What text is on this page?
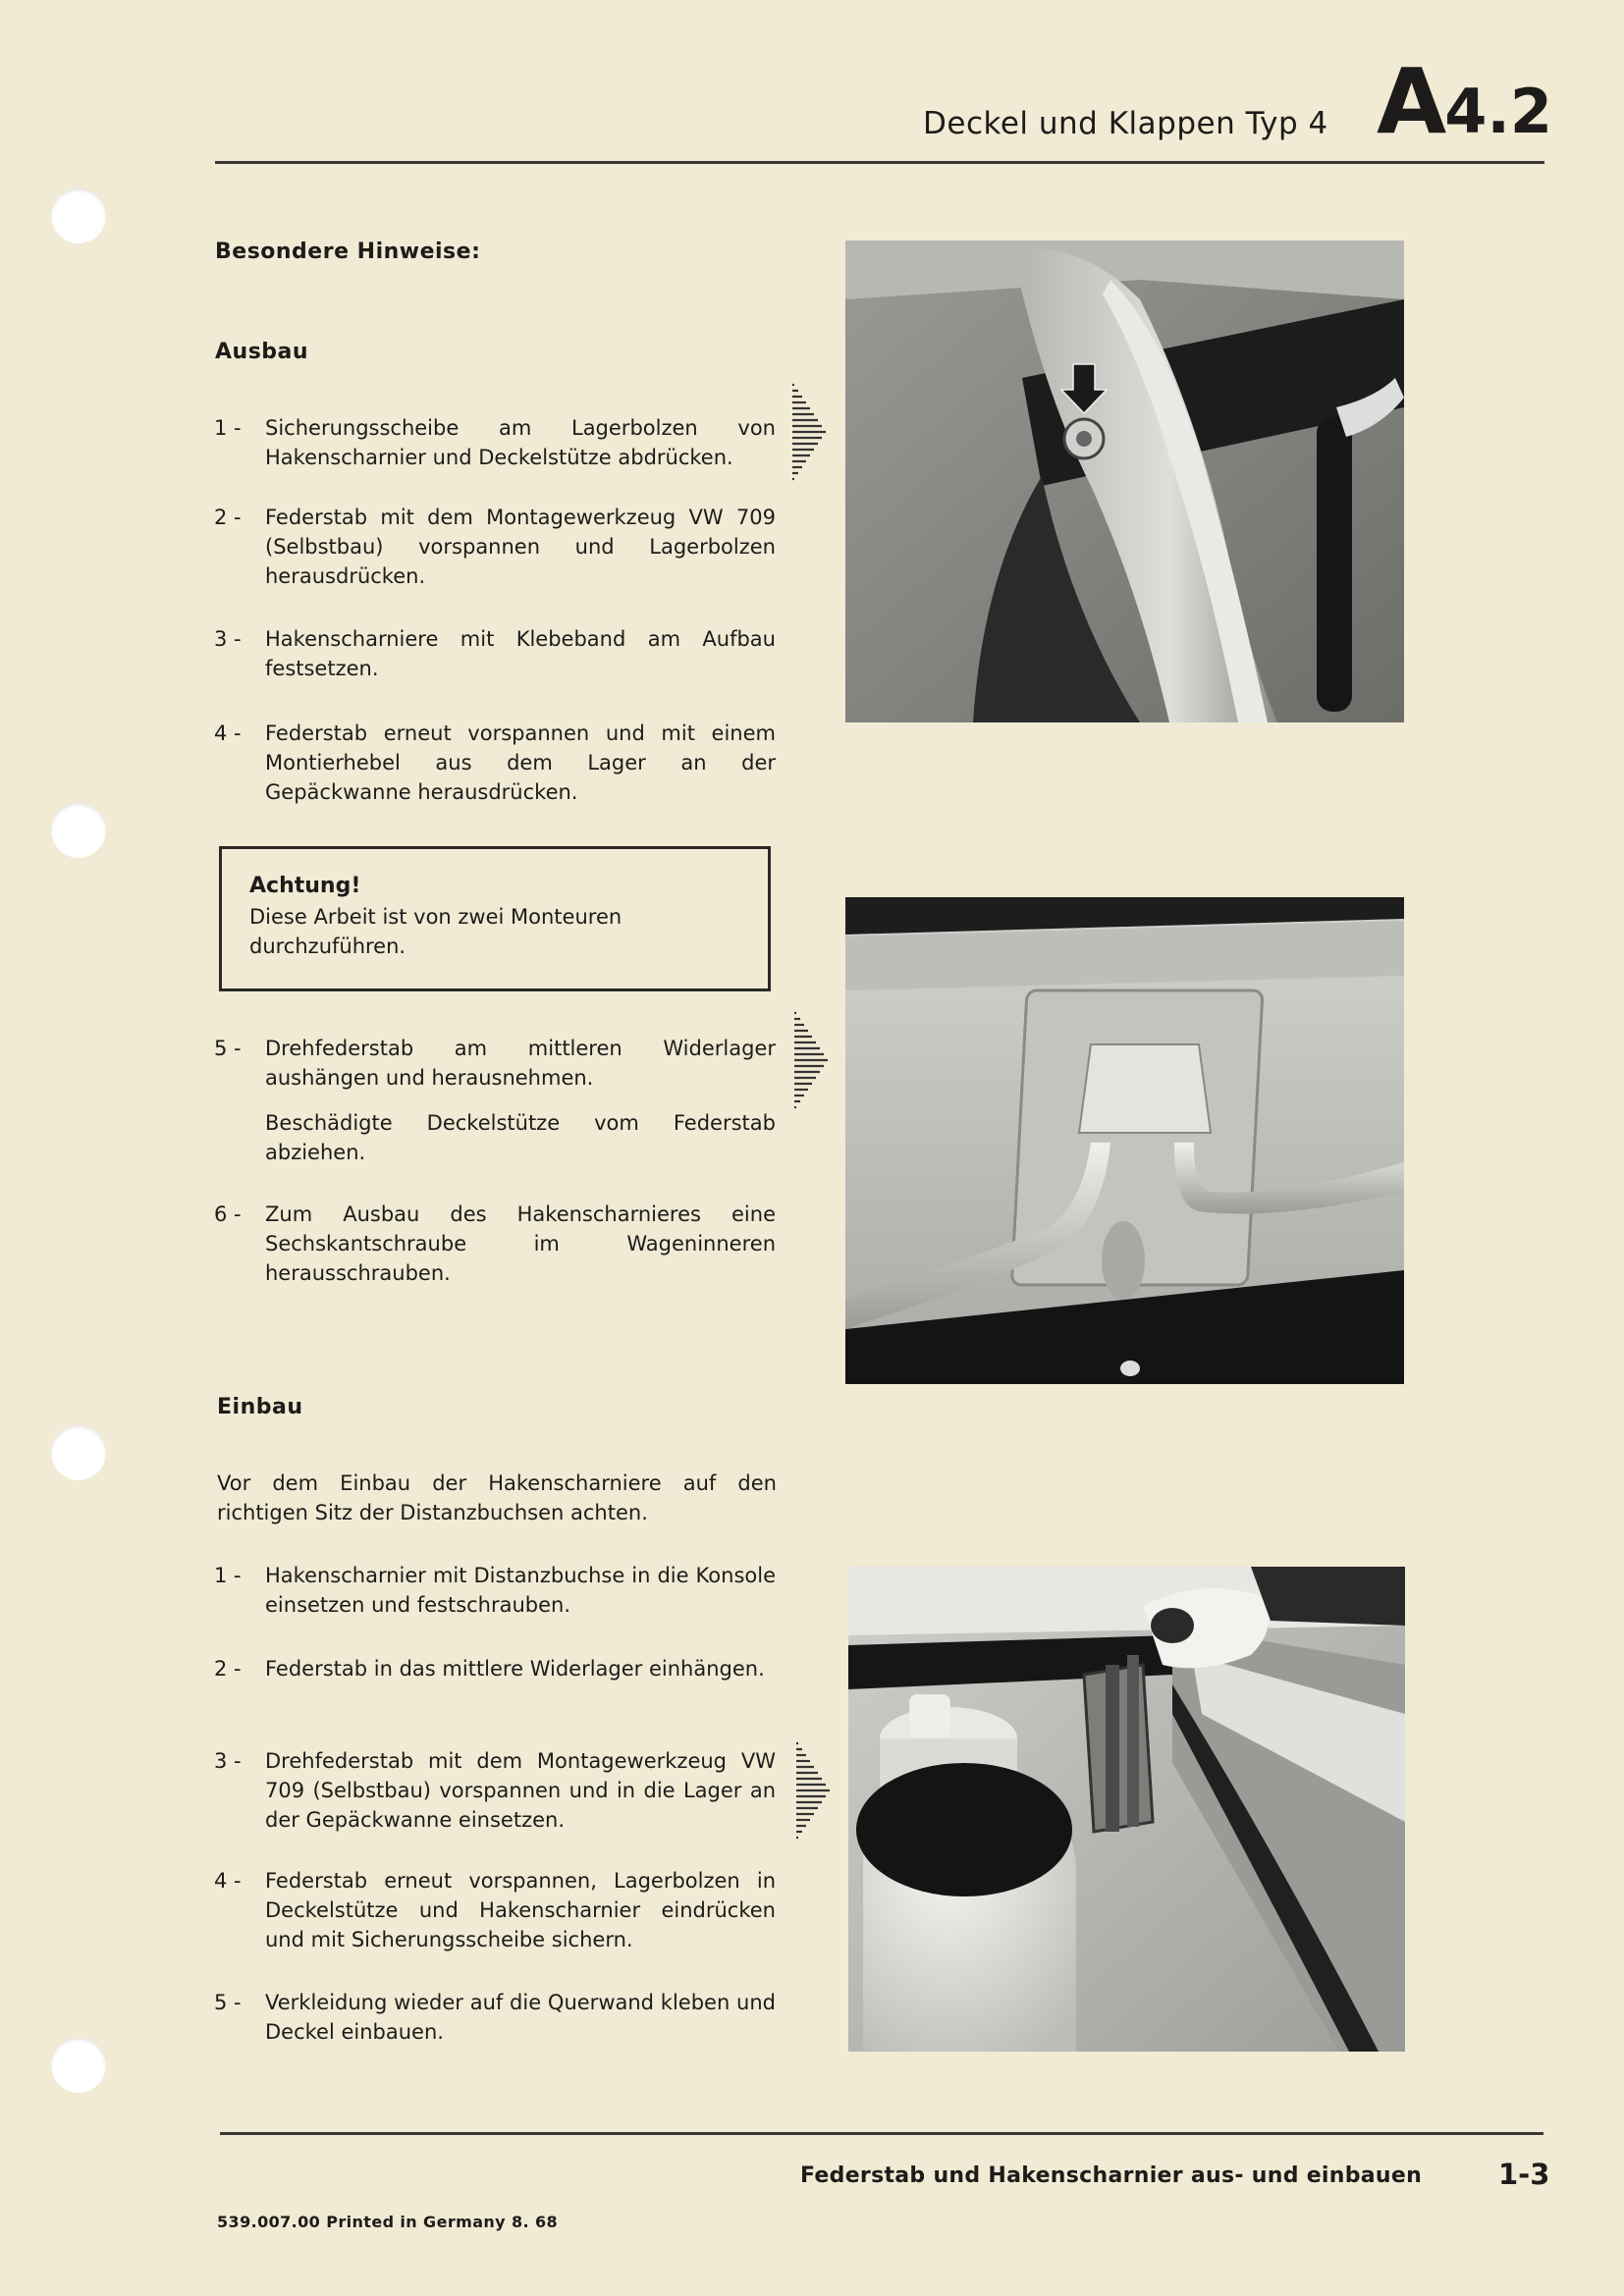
Deckel und Klappen Typ 4 A4.2
Besondere Hinweise:
Ausbau
1 -	Sicherungsscheibe am Lagerbolzen von Hakenscharnier und Deckelstütze abdrücken.
2 -	Federstab mit dem Montagewerkzeug VW 709 (Selbstbau) vorspannen und Lagerbolzen herausdrücken.
3 -	Hakenscharniere mit Klebeband am Aufbau festsetzen.
4 -	Federstab erneut vorspannen und mit einem Montierhebel aus dem Lager an der Gepäckwanne herausdrücken.
Achtung!
Diese Arbeit ist von zwei Monteuren durchzuführen.
5 -	Drehfederstab am mittleren Widerlager aushängen und herausnehmen.
Beschädigte Deckelstütze vom Federstab abziehen.
6 -	Zum Ausbau des Hakenscharnieres eine Sechskantschraube im Wageninneren herausschrauben.
Einbau
Vor dem Einbau der Hakenscharniere auf den richtigen Sitz der Distanzbuchsen achten.
1 -	Hakenscharnier mit Distanzbuchse in die Konsole einsetzen und festschrauben.
2 -	Federstab in das mittlere Widerlager einhängen.
3 -	Drehfederstab mit dem Montagewerkzeug VW 709 (Selbstbau) vorspannen und in die Lager an der Gepäckwanne einsetzen.
4 -	Federstab erneut vorspannen, Lagerbolzen in Deckelstütze und Hakenscharnier eindrücken und mit Sicherungsscheibe sichern.
5 -	Verkleidung wieder auf die Querwand kleben und Deckel einbauen.
Federstab und Hakenscharnier aus- und einbauen	1-3
539.007.00 Printed in Germany 8. 68
